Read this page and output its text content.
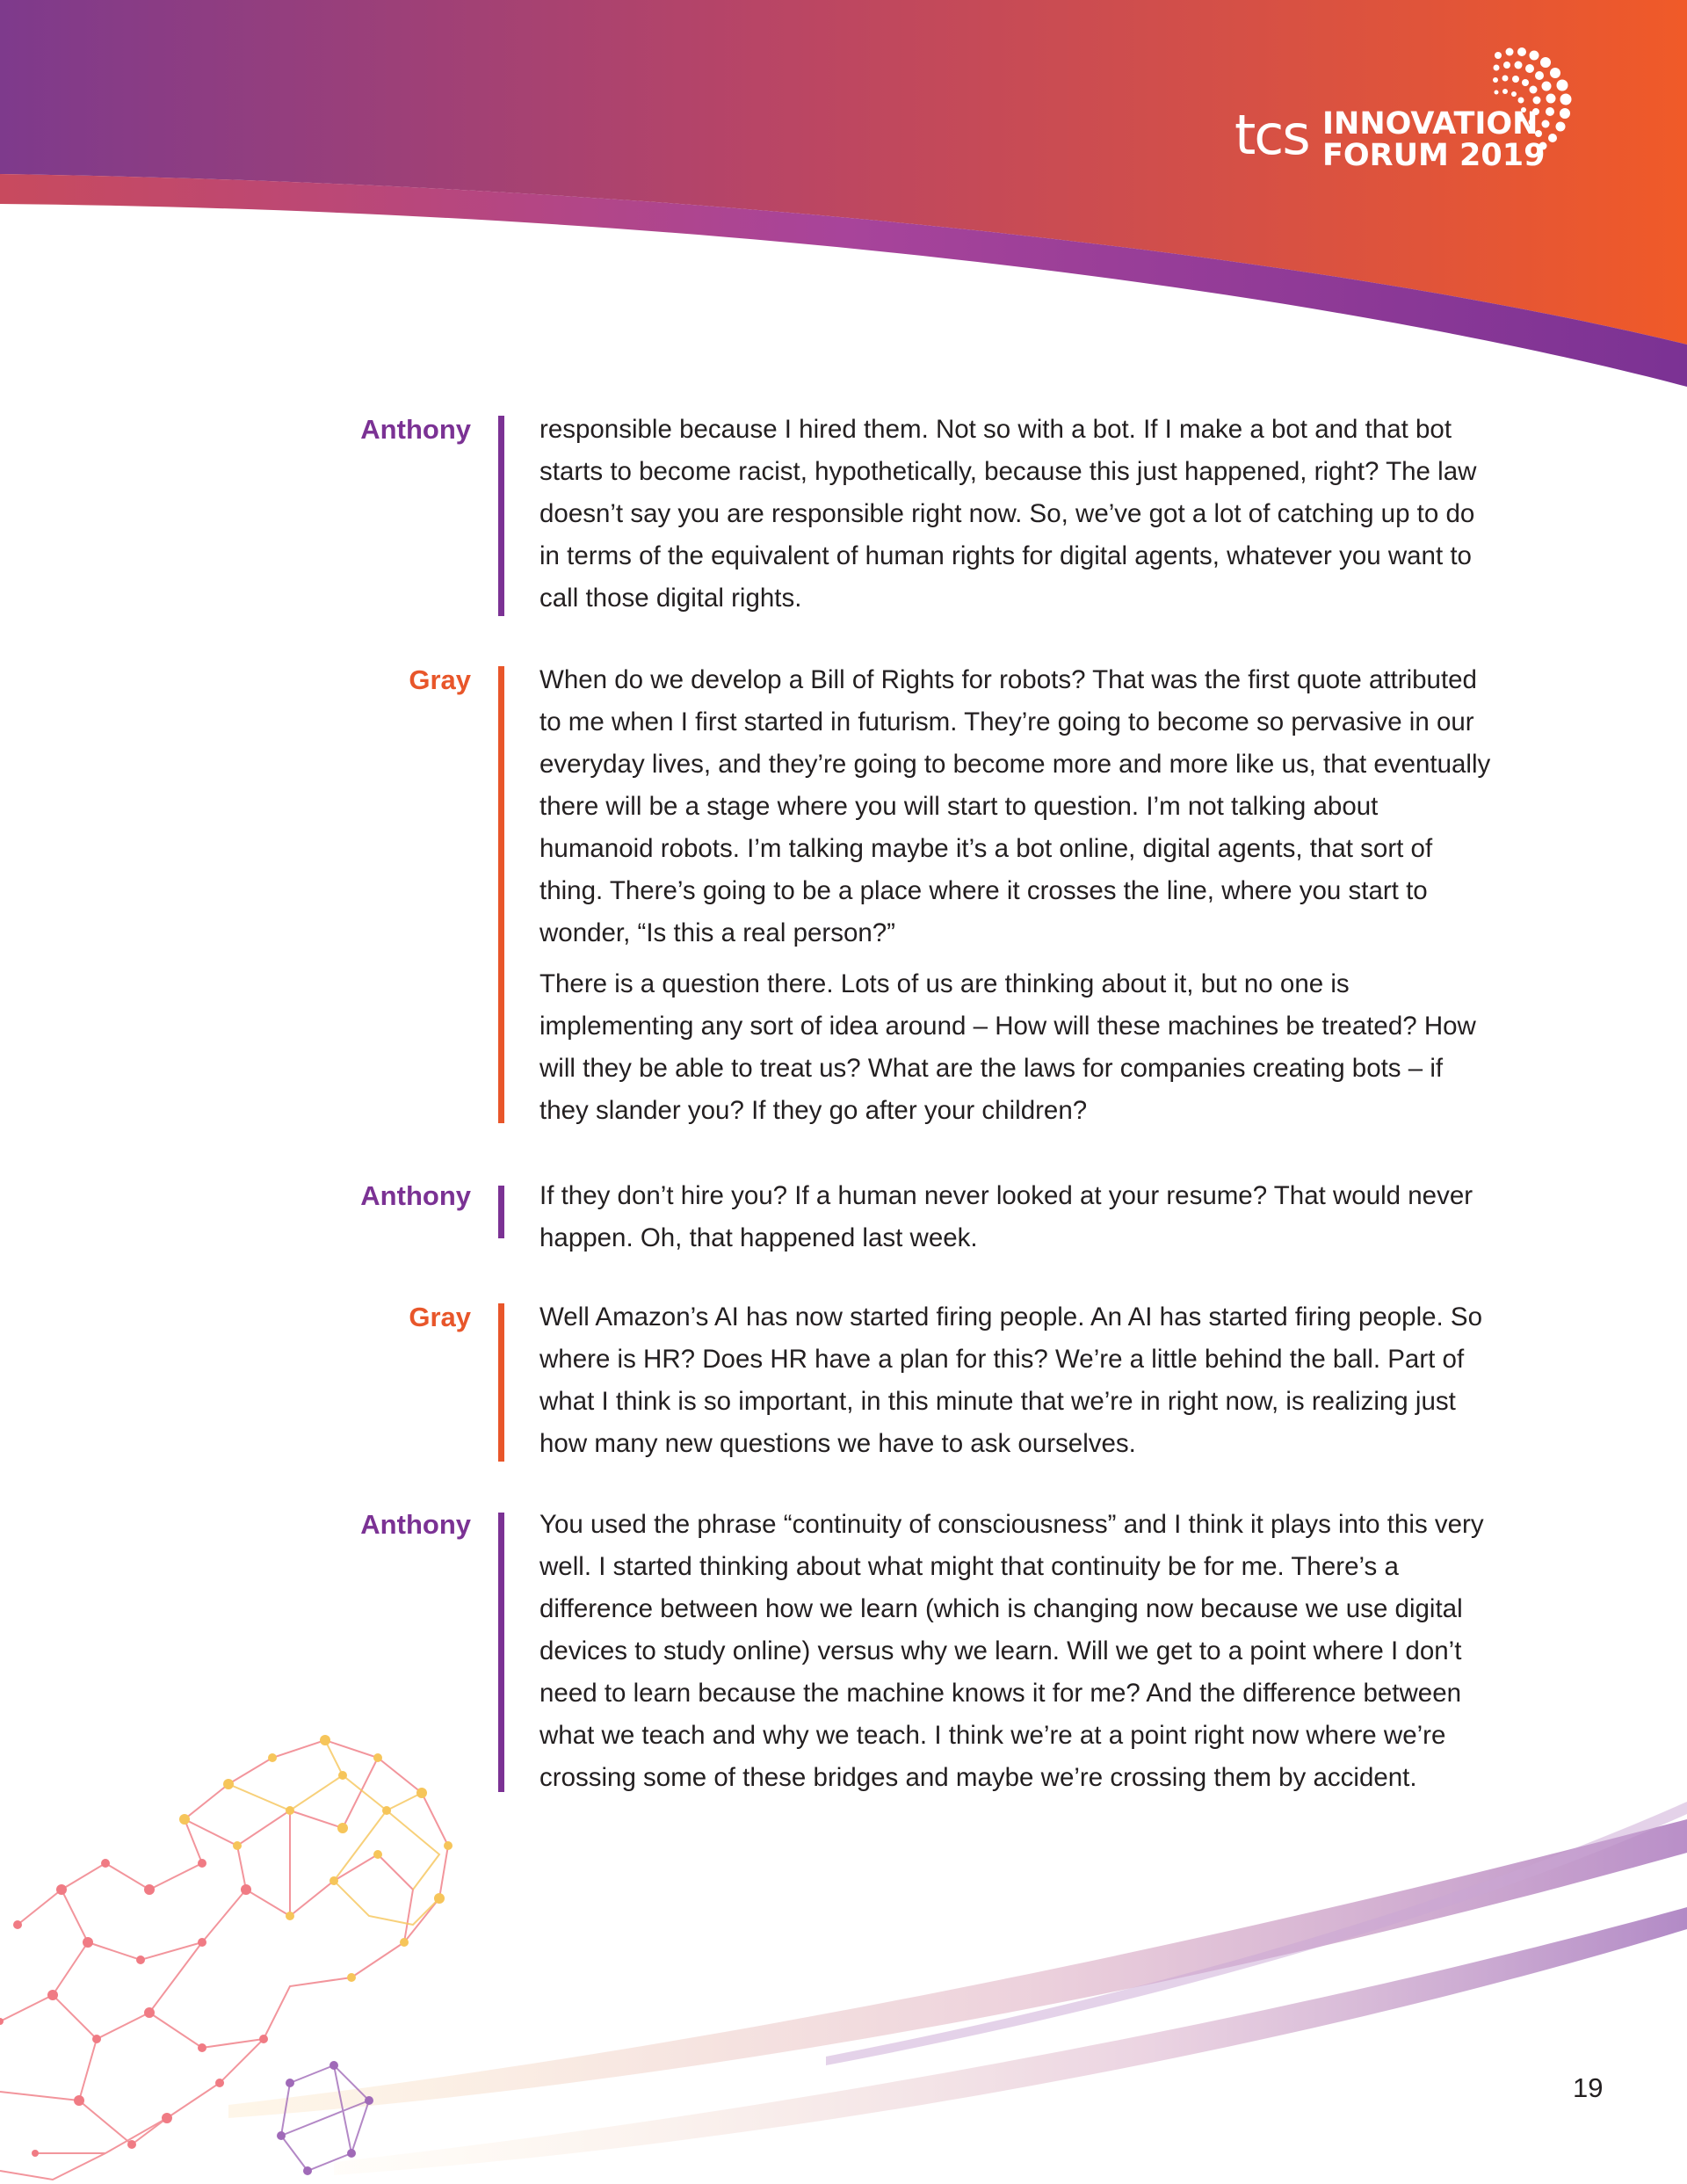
tcs INNOVATION
FORUM 2019
Anthony	responsible because I hired them. Not so with a bot. If I make a bot and that bot starts to become racist, hypothetically, because this just happened, right? The law doesn’t say you are responsible right now. So, we’ve got a lot of catching up to do in terms of the equivalent of human rights for digital agents, whatever you want to call those digital rights.

Gray	When do we develop a Bill of Rights for robots? That was the first quote attributed to me when I first started in futurism. They’re going to become so pervasive in our everyday lives, and they’re going to become more and more like us, that eventually there will be a stage where you will start to question. I’m not talking about humanoid robots. I’m talking maybe it’s a bot online, digital agents, that sort of thing. There’s going to be a place where it crosses the line, where you start to wonder, “Is this a real person?”

There is a question there. Lots of us are thinking about it, but no one is implementing any sort of idea around – How will these machines be treated? How will they be able to treat us? What are the laws for companies creating bots – if they slander you? If they go after your children?

Anthony	If they don’t hire you? If a human never looked at your resume? That would never happen. Oh, that happened last week.

Gray	Well Amazon’s AI has now started firing people. An AI has started firing people. So where is HR? Does HR have a plan for this? We’re a little behind the ball. Part of what I think is so important, in this minute that we’re in right now, is realizing just how many new questions we have to ask ourselves.

Anthony	You used the phrase “continuity of consciousness” and I think it plays into this very well. I started thinking about what might that continuity be for me. There’s a difference between how we learn (which is changing now because we use digital devices to study online) versus why we learn. Will we get to a point where I don’t need to learn because the machine knows it for me? And the difference between what we teach and why we teach. I think we’re at a point right now where we’re crossing some of these bridges and maybe we’re crossing them by accident.

19
